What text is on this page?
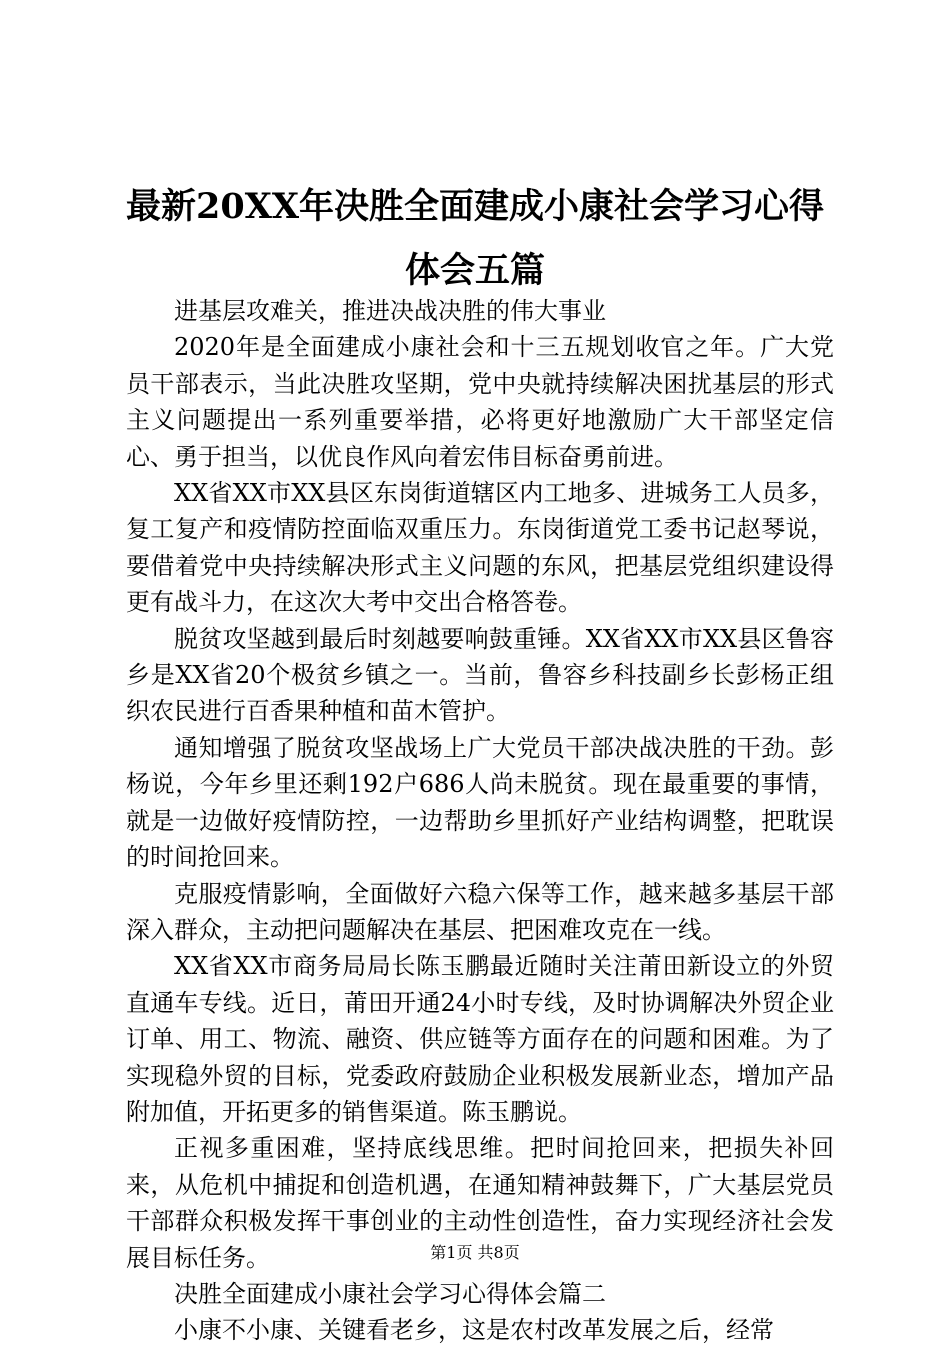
最新20XX年决胜全面建成小康社会学习心得
体会五篇

进基层攻难关，推进决战决胜的伟大事业

2020年是全面建成小康社会和十三五规划收官之年。广大党员干部表示，当此决胜攻坚期，党中央就持续解决困扰基层的形式主义问题提出一系列重要举措，必将更好地激励广大干部坚定信心、勇于担当，以优良作风向着宏伟目标奋勇前进。

XX省XX市XX县区东岗街道辖区内工地多、进城务工人员多，复工复产和疫情防控面临双重压力。东岗街道党工委书记赵琴说，要借着党中央持续解决形式主义问题的东风，把基层党组织建设得更有战斗力，在这次大考中交出合格答卷。

脱贫攻坚越到最后时刻越要响鼓重锤。XX省XX市XX县区鲁容乡是XX省20个极贫乡镇之一。当前，鲁容乡科技副乡长彭杨正组织农民进行百香果种植和苗木管护。

通知增强了脱贫攻坚战场上广大党员干部决战决胜的干劲。彭杨说，今年乡里还剩192户686人尚未脱贫。现在最重要的事情，就是一边做好疫情防控，一边帮助乡里抓好产业结构调整，把耽误的时间抢回来。

克服疫情影响，全面做好六稳六保等工作，越来越多基层干部深入群众，主动把问题解决在基层、把困难攻克在一线。

XX省XX市商务局局长陈玉鹏最近随时关注莆田新设立的外贸直通车专线。近日，莆田开通24小时专线，及时协调解决外贸企业订单、用工、物流、融资、供应链等方面存在的问题和困难。为了实现稳外贸的目标，党委政府鼓励企业积极发展新业态，增加产品附加值，开拓更多的销售渠道。陈玉鹏说。

正视多重困难，坚持底线思维。把时间抢回来，把损失补回来，从危机中捕捉和创造机遇，在通知精神鼓舞下，广大基层党员干部群众积极发挥干事创业的主动性创造性，奋力实现经济社会发展目标任务。

决胜全面建成小康社会学习心得体会篇二

小康不小康、关键看老乡，这是农村改革发展之后，经常

第1页 共8页
